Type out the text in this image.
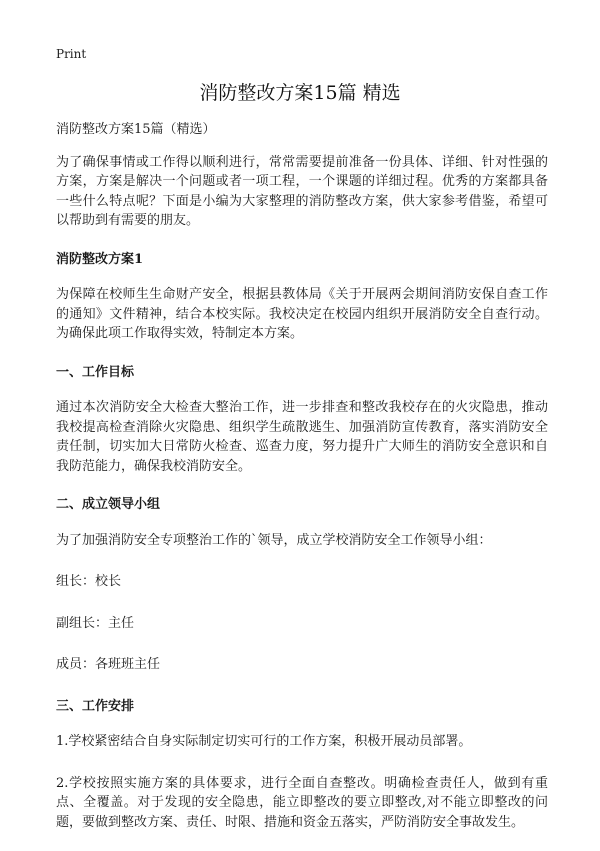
Print
消防整改方案15篇 精选

消防整改方案15篇（精选）

为了确保事情或工作得以顺利进行，常常需要提前准备一份具体、详细、针对性强的方案，方案是解决一个问题或者一项工程，一个课题的详细过程。优秀的方案都具备一些什么特点呢？下面是小编为大家整理的消防整改方案，供大家参考借鉴，希望可以帮助到有需要的朋友。

消防整改方案1

为保障在校师生生命财产安全，根据县教体局《关于开展两会期间消防安保自查工作的通知》文件精神，结合本校实际。我校决定在校园内组织开展消防安全自查行动。为确保此项工作取得实效，特制定本方案。

一、工作目标

通过本次消防安全大检查大整治工作，进一步排查和整改我校存在的火灾隐患，推动我校提高检查消除火灾隐患、组织学生疏散逃生、加强消防宣传教育，落实消防安全责任制，切实加大日常防火检查、巡查力度，努力提升广大师生的消防安全意识和自我防范能力，确保我校消防安全。

二、成立领导小组

为了加强消防安全专项整治工作的`领导，成立学校消防安全工作领导小组：

组长：校长

副组长：主任

成员：各班班主任

三、工作安排

1.学校紧密结合自身实际制定切实可行的工作方案，积极开展动员部署。

2.学校按照实施方案的具体要求，进行全面自查整改。明确检查责任人，做到有重点、全覆盖。对于发现的安全隐患，能立即整改的要立即整改,对不能立即整改的问题，要做到整改方案、责任、时限、措施和资金五落实，严防消防安全事故发生。
